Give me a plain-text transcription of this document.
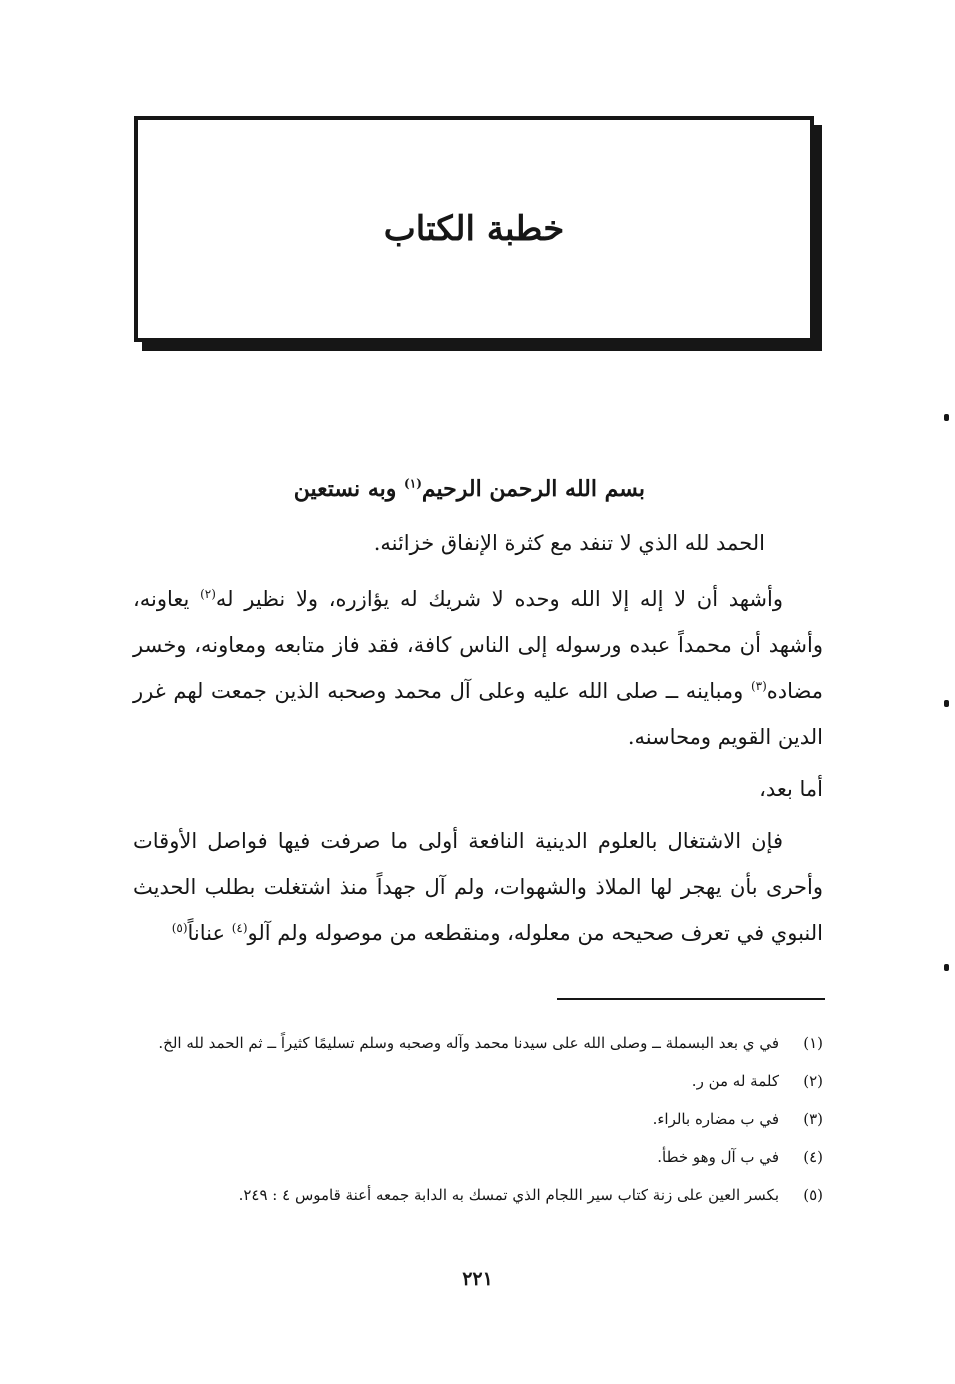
خطبة الكتاب
بسم الله الرحمن الرحيم$^{(١)}$ وبه نستعين
الحمد لله الذي لا تنفد مع كثرة الإنفاق خزائنه.
وأشهد أن لا إله إلا الله وحده لا شريك له يؤازره، ولا نظير له$^{(٢)}$ يعاونه، وأشهد أن محمداً عبده ورسوله إلى الناس كافة، فقد فاز متابعه ومعاونه، وخسر مضاده$^{(٣)}$ ومباينه ــ صلى الله عليه وعلى آل محمد وصحبه الذين جمعت لهم غرر الدين القويم ومحاسنه.
أما بعد،
فإن الاشتغال بالعلوم الدينية النافعة أولى ما صرفت فيها فواصل الأوقات وأحرى بأن يهجر لها الملاذ والشهوات، ولم آل جهداً منذ اشتغلت بطلب الحديث النبوي في تعرف صحيحه من معلوله، ومنقطعه من موصوله ولم آلو$^{(٤)}$ عناناً$^{(٥)}$
(١)
في ي بعد البسملة ــ وصلى الله على سيدنا محمد وآله وصحبه وسلم تسليمًا كثيراً ــ ثم الحمد لله الخ.
(٢)
كلمة له من ر.
(٣)
في ب مضاره بالراء.
(٤)
في ب آل وهو خطأ.
(٥)
بكسر العين على زنة كتاب سير اللجام الذي تمسك به الدابة جمعه أعنة قاموس ٤ : ٢٤٩.
٢٢١
